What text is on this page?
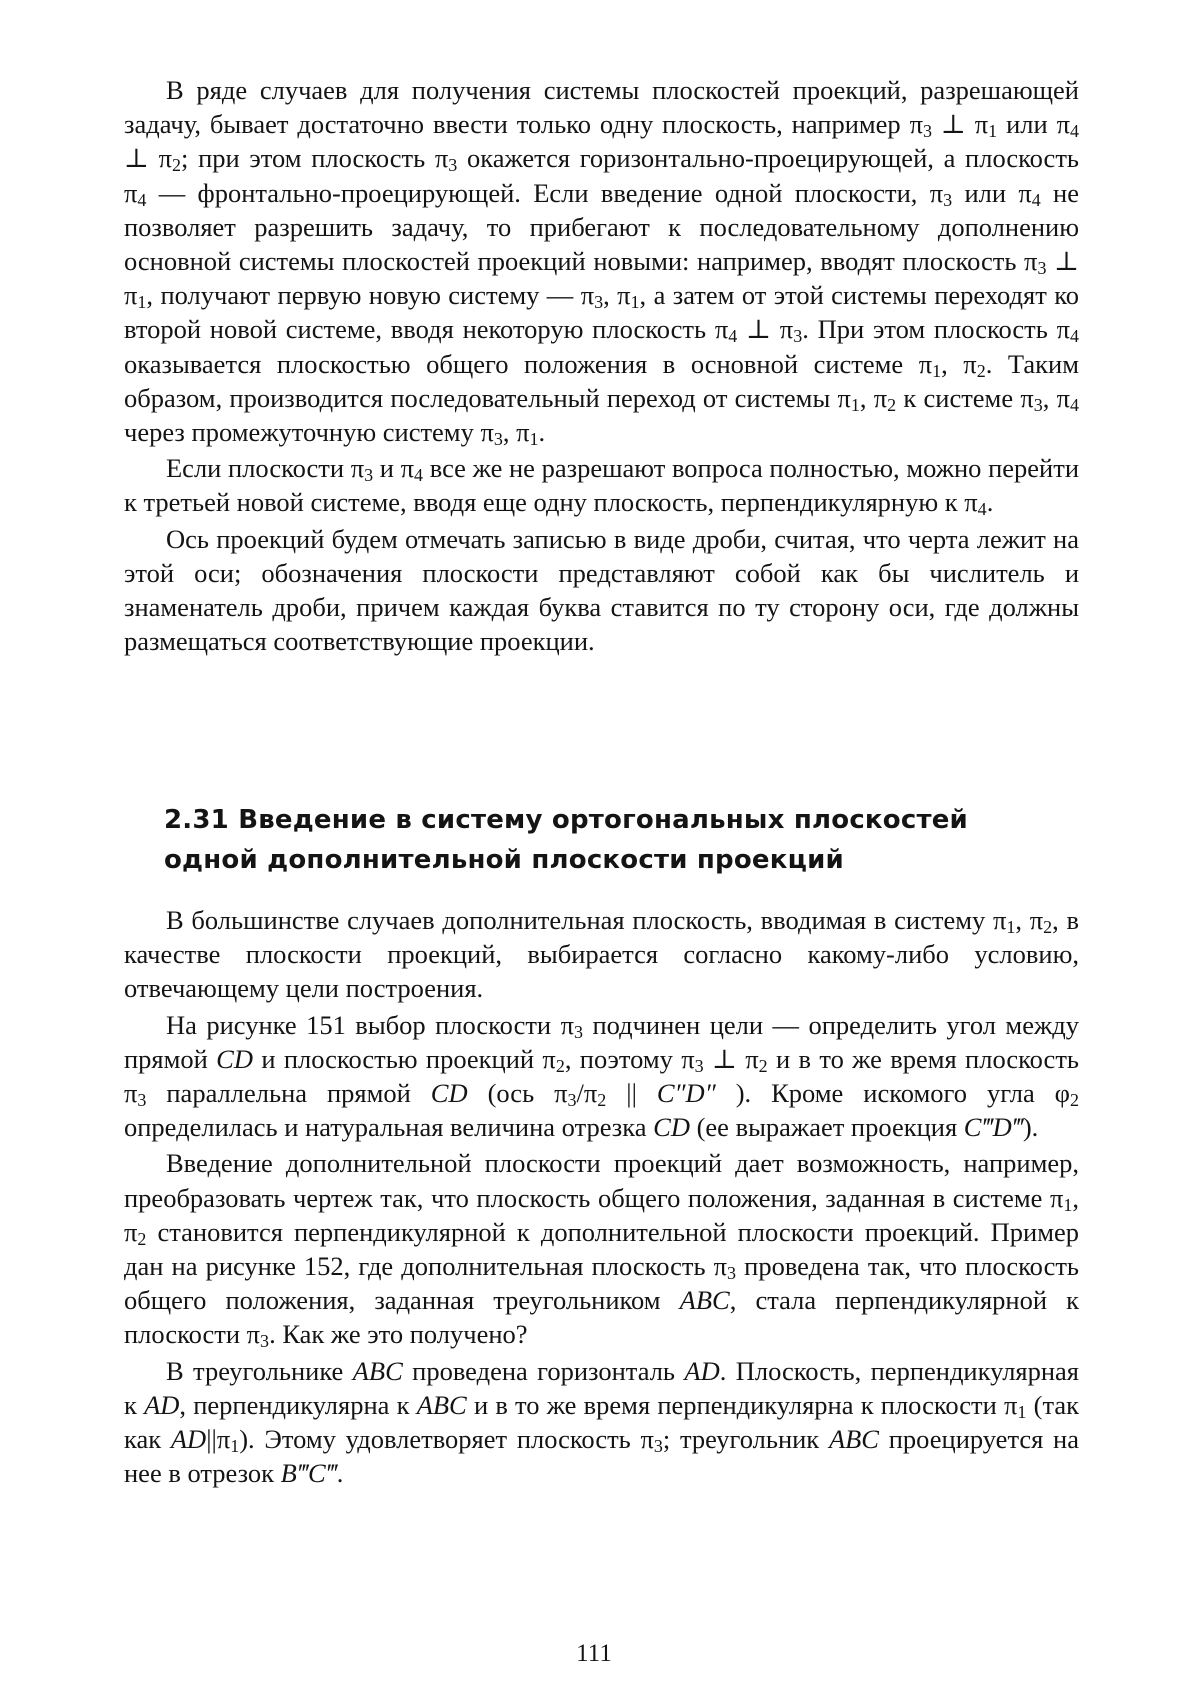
В ряде случаев для получения системы плоскостей проекций, разрешающей задачу, бывает достаточно ввести только одну плоскость, например $\pi_3$ ⊥ $\pi_1$ или $\pi_4$ ⊥ $\pi_2$; при этом плоскость $\pi_3$ окажется горизонтально-проецирующей, а плоскость $\pi_4$ — фронтально-проецирующей. Если введение одной плоскости, $\pi_3$ или $\pi_4$ не позволяет разрешить задачу, то прибегают к последовательному дополнению основной системы плоскостей проекций новыми: например, вводят плоскость $\pi_3$ ⊥ $\pi_1$, получают первую новую систему — $\pi_3$, $\pi_1$, а затем от этой системы переходят ко второй новой системе, вводя некоторую плоскость $\pi_4$ ⊥ $\pi_3$. При этом плоскость $\pi_4$ оказывается плоскостью общего положения в основной системе $\pi_1$, $\pi_2$. Таким образом, производится последовательный переход от системы $\pi_1$, $\pi_2$ к системе $\pi_3$, $\pi_4$ через промежуточную систему $\pi_3$, $\pi_1$.

Если плоскости $\pi_3$ и $\pi_4$ все же не разрешают вопроса полностью, можно перейти к третьей новой системе, вводя еще одну плоскость, перпендикулярную к $\pi_4$.

Ось проекций будем отмечать записью в виде дроби, считая, что черта лежит на этой оси; обозначения плоскости представляют собой как бы числитель и знаменатель дроби, причем каждая буква ставится по ту сторону оси, где должны размещаться соответствующие проекции.

2.31 Введение в систему ортогональных плоскостей
одной дополнительной плоскости проекций

В большинстве случаев дополнительная плоскость, вводимая в систему $\pi_1$, $\pi_2$, в качестве плоскости проекций, выбирается согласно какому-либо условию, отвечающему цели построения.

На рисунке 151 выбор плоскости $\pi_3$ подчинен цели — определить угол между прямой CD и плоскостью проекций $\pi_2$, поэтому $\pi_3$ ⊥ $\pi_2$ и в то же время плоскость $\pi_3$ параллельна прямой CD (ось $\pi_3/\pi_2$ || C″D″ ). Кроме искомого угла $\varphi_2$ определилась и натуральная величина отрезка CD (ее выражает проекция C‴D‴).

Введение дополнительной плоскости проекций дает возможность, например, преобразовать чертеж так, что плоскость общего положения, заданная в системе $\pi_1$, $\pi_2$ становится перпендикулярной к дополнительной плоскости проекций. Пример дан на рисунке 152, где дополнительная плоскость $\pi_3$ проведена так, что плоскость общего положения, заданная треугольником ABC, стала перпендикулярной к плоскости $\pi_3$. Как же это получено?

В треугольнике ABC проведена горизонталь AD. Плоскость, перпендикулярная к AD, перпендикулярна к ABC и в то же время перпендикулярна к плоскости $\pi_1$ (так как $AD||\pi_1$). Этому удовлетворяет плоскость $\pi_3$; треугольник ABC проецируется на нее в отрезок B‴C‴.

111
